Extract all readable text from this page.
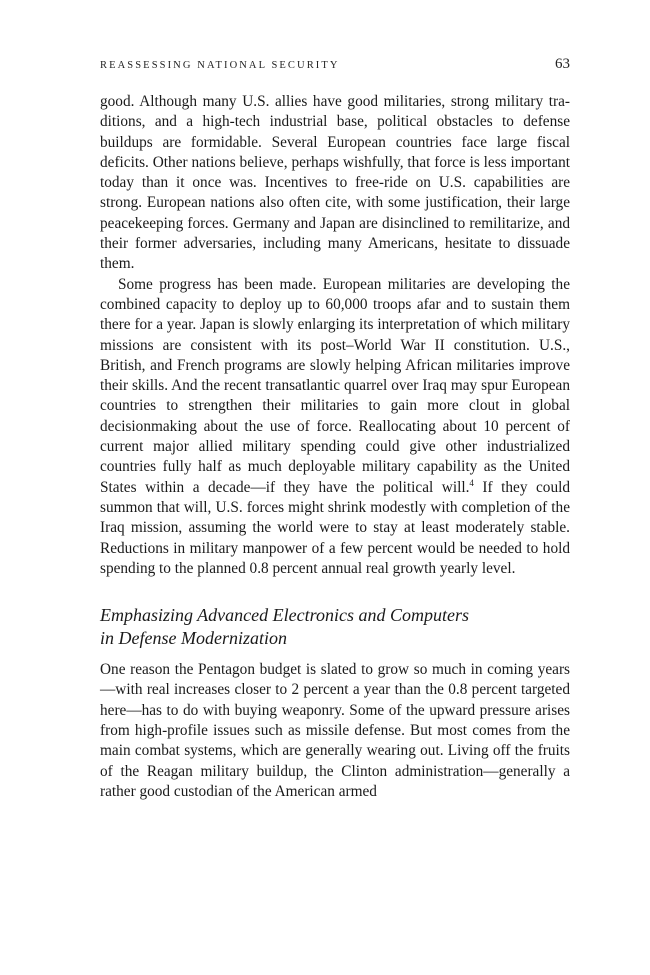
REASSESSING NATIONAL SECURITY	63

good. Although many U.S. allies have good militaries, strong military traditions, and a high-tech industrial base, political obstacles to defense buildups are formidable. Several European countries face large fiscal deficits. Other nations believe, perhaps wishfully, that force is less important today than it once was. Incentives to free-ride on U.S. capabilities are strong. European nations also often cite, with some justification, their large peacekeeping forces. Germany and Japan are disinclined to remilitarize, and their former adversaries, including many Americans, hesitate to dissuade them.

Some progress has been made. European militaries are developing the combined capacity to deploy up to 60,000 troops afar and to sustain them there for a year. Japan is slowly enlarging its interpretation of which military missions are consistent with its post–World War II constitution. U.S., British, and French programs are slowly helping African militaries improve their skills. And the recent transatlantic quarrel over Iraq may spur European countries to strengthen their militaries to gain more clout in global decisionmaking about the use of force. Reallocating about 10 percent of current major allied military spending could give other industrialized countries fully half as much deployable military capability as the United States within a decade—if they have the political will.$^4$ If they could summon that will, U.S. forces might shrink modestly with completion of the Iraq mission, assuming the world were to stay at least moderately stable. Reductions in military manpower of a few percent would be needed to hold spending to the planned 0.8 percent annual real growth yearly level.

Emphasizing Advanced Electronics and Computers
in Defense Modernization

One reason the Pentagon budget is slated to grow so much in coming years—with real increases closer to 2 percent a year than the 0.8 percent targeted here—has to do with buying weaponry. Some of the upward pressure arises from high-profile issues such as missile defense. But most comes from the main combat systems, which are generally wearing out. Living off the fruits of the Reagan military buildup, the Clinton administration—generally a rather good custodian of the American armed
